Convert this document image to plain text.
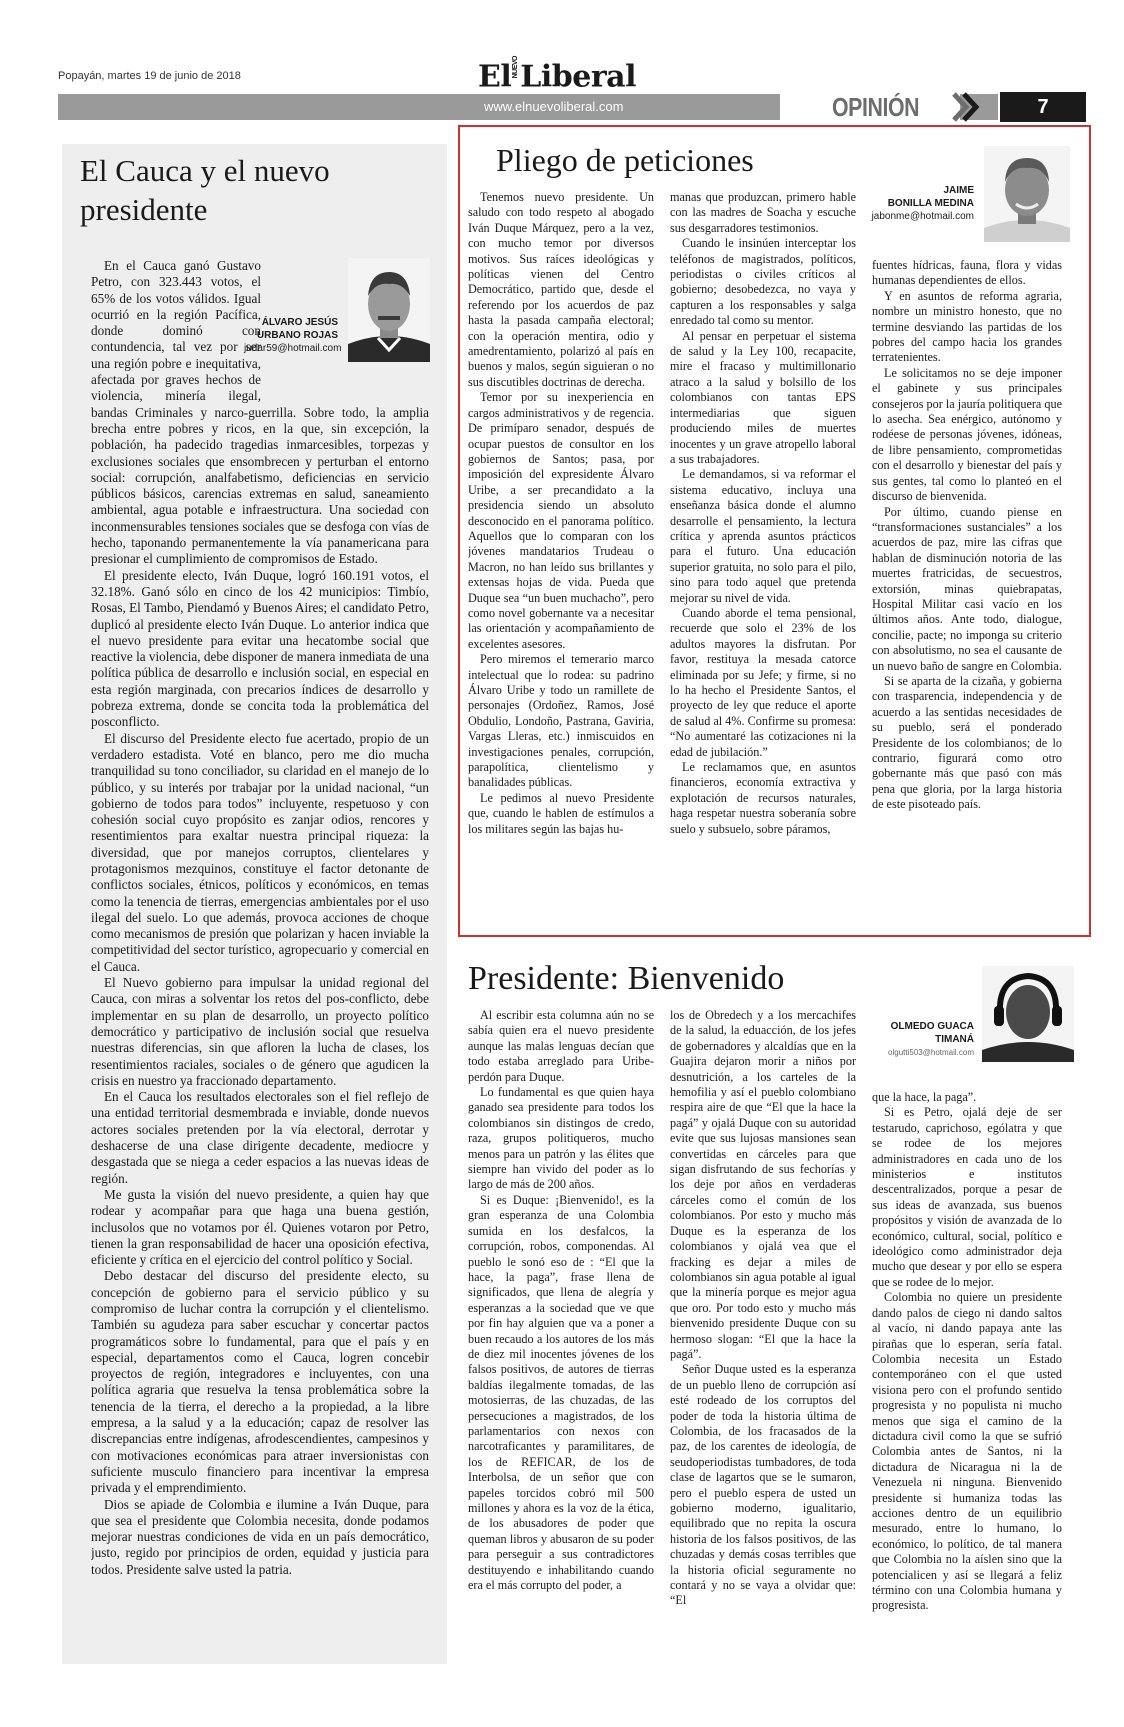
Popayán, martes 19 de junio de 2018	ElNUEVOLiberal
www.elnuevoliberal.com	OPINIÓN	7
El Cauca y el nuevo presidente
ÁLVARO JESÚS
URBANO ROJAS
judar59@hotmail.com

En el Cauca ganó Gustavo Petro, con 323.443 votos, el 65% de los votos válidos. Igual ocurrió en la región Pacífica, donde dominó con contundencia, tal vez por ser una región pobre e inequitativa, afectada por graves hechos de violencia, minería ilegal, bandas Criminales y narco-guerrilla. Sobre todo, la amplia brecha entre pobres y ricos, en la que, sin excepción, la población, ha padecido tragedias inmarcesibles, torpezas y exclusiones sociales que ensombrecen y perturban el entorno social: corrupción, analfabetismo, deficiencias en servicio públicos básicos, carencias extremas en salud, saneamiento ambiental, agua potable e infraestructura. Una sociedad con inconmensurables tensiones sociales que se desfoga con vías de hecho, taponando permanentemente la vía panamericana para presionar el cumplimiento de compromisos de Estado.

El presidente electo, Iván Duque, logró 160.191 votos, el 32.18%. Ganó sólo en cinco de los 42 municipios: Timbío, Rosas, El Tambo, Piendamó y Buenos Aires; el candidato Petro, duplicó al presidente electo Iván Duque. Lo anterior indica que el nuevo presidente para evitar una hecatombe social que reactive la violencia, debe disponer de manera inmediata de una política pública de desarrollo e inclusión social, en especial en esta región marginada, con precarios índices de desarrollo y pobreza extrema, donde se concita toda la problemática del posconflicto.

El discurso del Presidente electo fue acertado, propio de un verdadero estadista. Voté en blanco, pero me dio mucha tranquilidad su tono conciliador, su claridad en el manejo de lo público, y su interés por trabajar por la unidad nacional, “un gobierno de todos para todos” incluyente, respetuoso y con cohesión social cuyo propósito es zanjar odios, rencores y resentimientos para exaltar nuestra principal riqueza: la diversidad, que por manejos corruptos, clientelares y protagonismos mezquinos, constituye el factor detonante de conflictos sociales, étnicos, políticos y económicos, en temas como la tenencia de tierras, emergencias ambientales por el uso ilegal del suelo. Lo que además, provoca acciones de choque como mecanismos de presión que polarizan y hacen inviable la competitividad del sector turístico, agropecuario y comercial en el Cauca.

El Nuevo gobierno para impulsar la unidad regional del Cauca, con miras a solventar los retos del pos-conflicto, debe implementar en su plan de desarrollo, un proyecto político democrático y participativo de inclusión social que resuelva nuestras diferencias, sin que afloren la lucha de clases, los resentimientos raciales, sociales o de género que agudicen la crisis en nuestro ya fraccionado departamento.

En el Cauca los resultados electorales son el fiel reflejo de una entidad territorial desmembrada e inviable, donde nuevos actores sociales pretenden por la vía electoral, derrotar y deshacerse de una clase dirigente decadente, mediocre y desgastada que se niega a ceder espacios a las nuevas ideas de región.

Me gusta la visión del nuevo presidente, a quien hay que rodear y acompañar para que haga una buena gestión, inclusolos que no votamos por él. Quienes votaron por Petro, tienen la gran responsabilidad de hacer una oposición efectiva, eficiente y crítica en el ejercicio del control político y Social.

Debo destacar del discurso del presidente electo, su concepción de gobierno para el servicio público y su compromiso de luchar contra la corrupción y el clientelismo. También su agudeza para saber escuchar y concertar pactos programáticos sobre lo fundamental, para que el país y en especial, departamentos como el Cauca, logren concebir proyectos de región, integradores e incluyentes, con una política agraria que resuelva la tensa problemática sobre la tenencia de la tierra, el derecho a la propiedad, a la libre empresa, a la salud y a la educación; capaz de resolver las discrepancias entre indígenas, afrodescendientes, campesinos y con motivaciones económicas para atraer inversionistas con suficiente musculo financiero para incentivar la empresa privada y el emprendimiento.

Dios se apiade de Colombia e ilumine a Iván Duque, para que sea el presidente que Colombia necesita, donde podamos mejorar nuestras condiciones de vida en un país democrático, justo, regido por principios de orden, equidad y justicia para todos. Presidente salve usted la patria.

Pliego de peticiones
JAIME
BONILLA MEDINA
jabonme@hotmail.com

Tenemos nuevo presidente. Un saludo con todo respeto al abogado Iván Duque Márquez, pero a la vez, con mucho temor por diversos motivos. Sus raíces ideológicas y políticas vienen del Centro Democrático, partido que, desde el referendo por los acuerdos de paz hasta la pasada campaña electoral; con la operación mentira, odio y amedrentamiento, polarizó al país en buenos y malos, según siguieran o no sus discutibles doctrinas de derecha.

Temor por su inexperiencia en cargos administrativos y de regencia. De primíparo senador, después de ocupar puestos de consultor en los gobiernos de Santos; pasa, por imposición del expresidente Álvaro Uribe, a ser precandidato a la presidencia siendo un absoluto desconocido en el panorama político. Aquellos que lo comparan con los jóvenes mandatarios Trudeau o Macron, no han leído sus brillantes y extensas hojas de vida. Pueda que Duque sea “un buen muchacho”, pero como novel gobernante va a necesitar las orientación y acompañamiento de excelentes asesores.

Pero miremos el temerario marco intelectual que lo rodea: su padrino Álvaro Uribe y todo un ramillete de personajes (Ordoñez, Ramos, José Obdulio, Londoño, Pastrana, Gaviria, Vargas Lleras, etc.) inmiscuidos en investigaciones penales, corrupción, parapolítica, clientelismo y banalidades públicas.

Le pedimos al nuevo Presidente que, cuando le hablen de estímulos a los militares según las bajas hu-

manas que produzcan, primero hable con las madres de Soacha y escuche sus desgarradores testimonios.

Cuando le insinúen interceptar los teléfonos de magistrados, políticos, periodistas o civiles críticos al gobierno; desobedezca, no vaya y capturen a los responsables y salga enredado tal como su mentor.

Al pensar en perpetuar el sistema de salud y la Ley 100, recapacite, mire el fracaso y multimillonario atraco a la salud y bolsillo de los colombianos con tantas EPS intermediarias que siguen produciendo miles de muertes inocentes y un grave atropello laboral a sus trabajadores.

Le demandamos, si va reformar el sistema educativo, incluya una enseñanza básica donde el alumno desarrolle el pensamiento, la lectura crítica y aprenda asuntos prácticos para el futuro. Una educación superior gratuita, no solo para el pilo, sino para todo aquel que pretenda mejorar su nivel de vida.

Cuando aborde el tema pensional, recuerde que solo el 23% de los adultos mayores la disfrutan. Por favor, restituya la mesada catorce eliminada por su Jefe; y firme, si no lo ha hecho el Presidente Santos, el proyecto de ley que reduce el aporte de salud al 4%. Confirme su promesa: “No aumentaré las cotizaciones ni la edad de jubilación.”

Le reclamamos que, en asuntos financieros, economía extractiva y explotación de recursos naturales, haga respetar nuestra soberanía sobre suelo y subsuelo, sobre páramos,

fuentes hídricas, fauna, flora y vidas humanas dependientes de ellos.

Y en asuntos de reforma agraria, nombre un ministro honesto, que no termine desviando las partidas de los pobres del campo hacia los grandes terratenientes.

Le solicitamos no se deje imponer el gabinete y sus principales consejeros por la jauría politiquera que lo asecha. Sea enérgico, autónomo y rodéese de personas jóvenes, idóneas, de libre pensamiento, comprometidas con el desarrollo y bienestar del país y sus gentes, tal como lo planteó en el discurso de bienvenida.

Por último, cuando piense en “transformaciones sustanciales” a los acuerdos de paz, mire las cifras que hablan de disminución notoria de las muertes fratricidas, de secuestros, extorsión, minas quiebrapatas, Hospital Militar casi vacío en los últimos años. Ante todo, dialogue, concilie, pacte; no imponga su criterio con absolutismo, no sea el causante de un nuevo baño de sangre en Colombia.

Si se aparta de la cizaña, y gobierna con trasparencia, independencia y de acuerdo a las sentidas necesidades de su pueblo, será el ponderado Presidente de los colombianos; de lo contrario, figurará como otro gobernante más que pasó con más pena que gloria, por la larga historia de este pisoteado país.

Presidente: Bienvenido
OLMEDO GUACA
TIMANÁ
olgutti503@hotmail.com

Al escribir esta columna aún no se sabía quien era el nuevo presidente aunque las malas lenguas decían que todo estaba arreglado para Uribe-perdón para Duque.

Lo fundamental es que quien haya ganado sea presidente para todos los colombianos sin distingos de credo, raza, grupos politiqueros, mucho menos para un patrón y las élites que siempre han vivido del poder as lo largo de más de 200 años.

Si es Duque: ¡Bienvenido!, es la gran esperanza de una Colombia sumida en los desfalcos, la corrupción, robos, componendas. Al pueblo le sonó eso de : “El que la hace, la paga”, frase llena de significados, que llena de alegría y esperanzas a la sociedad que ve que por fin hay alguien que va a poner a buen recaudo a los autores de los más de diez mil inocentes jóvenes de los falsos positivos, de autores de tierras baldías ilegalmente tomadas, de las motosierras, de las chuzadas, de las persecuciones a magistrados, de los parlamentarios con nexos con narcotraficantes y paramilitares, de los de REFICAR, de los de Interbolsa, de un señor que con papeles torcidos cobró mil 500 millones y ahora es la voz de la ética, de los abusadores de poder que queman libros y abusaron de su poder para perseguir a sus contradictores destituyendo e inhabilitando cuando era el más corrupto del poder, a

los de Obredech y a los mercachifes de la salud, la eduacción, de los jefes de gobernadores y alcaldías que en la Guajira dejaron morir a niños por desnutrición, a los carteles de la hemofilia y así el pueblo colombiano respira aire de que “El que la hace la pagá” y ojalá Duque con su autoridad evite que sus lujosas mansiones sean convertidas en cárceles para que sigan disfrutando de sus fechorías y los deje por años en verdaderas cárceles como el común de los colombianos. Por esto y mucho más Duque es la esperanza de los colombianos y ojalá vea que el fracking es dejar a miles de colombianos sin agua potable al igual que la minería porque es mejor agua que oro. Por todo esto y mucho más bienvenido presidente Duque con su hermoso slogan: “El que la hace la pagá”.

Señor Duque usted es la esperanza de un pueblo lleno de corrupción así esté rodeado de los corruptos del poder de toda la historia última de Colombia, de los fracasados de la paz, de los carentes de ideología, de seudoperiodistas tumbadores, de toda clase de lagartos que se le sumaron, pero el pueblo espera de usted un gobierno moderno, igualitario, equilibrado que no repita la oscura historia de los falsos positivos, de las chuzadas y demás cosas terribles que la historia oficial seguramente no contará y no se vaya a olvidar que: “El

que la hace, la paga”.

Si es Petro, ojalá deje de ser testarudo, caprichoso, ególatra y que se rodee de los mejores administradores en cada uno de los ministerios e institutos descentralizados, porque a pesar de sus ideas de avanzada, sus buenos propósitos y visión de avanzada de lo económico, cultural, social, político e ideológico como administrador deja mucho que desear y por ello se espera que se rodee de lo mejor.

Colombia no quiere un presidente dando palos de ciego ni dando saltos al vacío, ni dando papaya ante las pirañas que lo esperan, sería fatal. Colombia necesita un Estado contemporáneo con el que usted visiona pero con el profundo sentido progresista y no populista ni mucho menos que siga el camino de la dictadura civil como la que se sufrió Colombia antes de Santos, ni la dictadura de Nicaragua ni la de Venezuela ni ninguna. Bienvenido presidente si humaniza todas las acciones dentro de un equilibrio mesurado, entre lo humano, lo económico, lo político, de tal manera que Colombia no la aíslen sino que la potencialicen y así se llegará a feliz término con una Colombia humana y progresista.
